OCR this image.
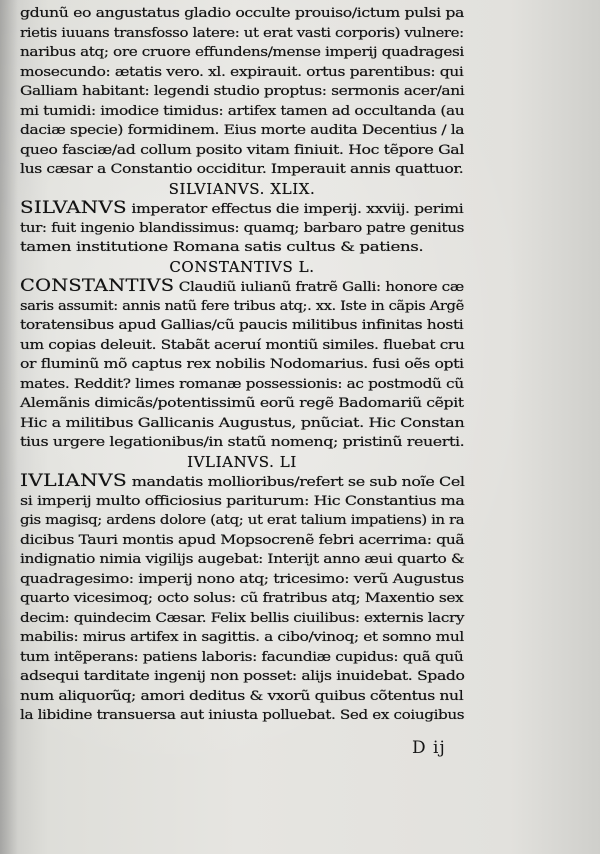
gdunũ eo angustatus gladio occulte prouiso/ictum pulsi pa
rietis iuuans transfosso latere: ut erat vasti corporis) vulnere:
naribus atq; ore cruore effundens/mense imperij quadragesi
mosecundo: ætatis vero. xl. expirauit. ortus parentibus: qui
Galliam habitant: legendi studio proptus: sermonis acer/ani
mi tumidi: imodice timidus: artifex tamen ad occultanda (au
daciæ specie) formidinem. Eius morte audita Decentius / la
queo fasciæ/ad collum posito vitam finiuit. Hoc tẽpore Gal
lus cæsar a Constantio occiditur. Imperauit annis quattuor.
SILVIANVS. XLIX.
SILVANVS imperator effectus die imperij. xxviij. perimi
tur: fuit ingenio blandissimus: quamq; barbaro patre genitus
tamen institutione Romana satis cultus & patiens.
CONSTANTIVS L.
CONSTANTIVS Claudiũ iulianũ fratrẽ Galli: honore cæ
saris assumit: annis natũ fere tribus atq;. xx. Iste in cãpis Argẽ
toratensibus apud Gallias/cũ paucis militibus infinitas hosti
um copias deleuit. Stabãt aceruí montiũ similes. fluebat cru
or fluminũ mõ captus rex nobilis Nodomarius. fusi oẽs opti
mates. Reddit? limes romanæ possessionis: ac postmodũ cũ
Alemãnis dimicãs/potentissimũ eorũ regẽ Badomariũ cẽpit
Hic a militibus Gallicanis Augustus, pnũciat. Hic Constan
tius urgere legationibus/in statũ nomenq; pristinũ reuerti.
IVLIANVS. LI
IVLIANVS mandatis mollioribus/refert se sub noĩe Cel
si imperij multo officiosius pariturum: Hic Constantius ma
gis magisq; ardens dolore (atq; ut erat talium impatiens) in ra
dicibus Tauri montis apud Mopsocrenẽ febri acerrima: quã
indignatio nimia vigilijs augebat: Interijt anno æui quarto &
quadragesimo: imperij nono atq; tricesimo: verũ Augustus
quarto vicesimoq; octo solus: cũ fratribus atq; Maxentio sex
decim: quindecim Cæsar. Felix bellis ciuilibus: externis lacry
mabilis: mirus artifex in sagittis. a cibo/vinoq; et somno mul
tum intẽperans: patiens laboris: facundiæ cupidus: quã quũ
adsequi tarditate ingenij non posset: alijs inuidebat. Spado
num aliquorũq; amori deditus & vxorũ quibus cõtentus nul
la libidine transuersa aut iniusta polluebat. Sed ex coiugibus
D ij
